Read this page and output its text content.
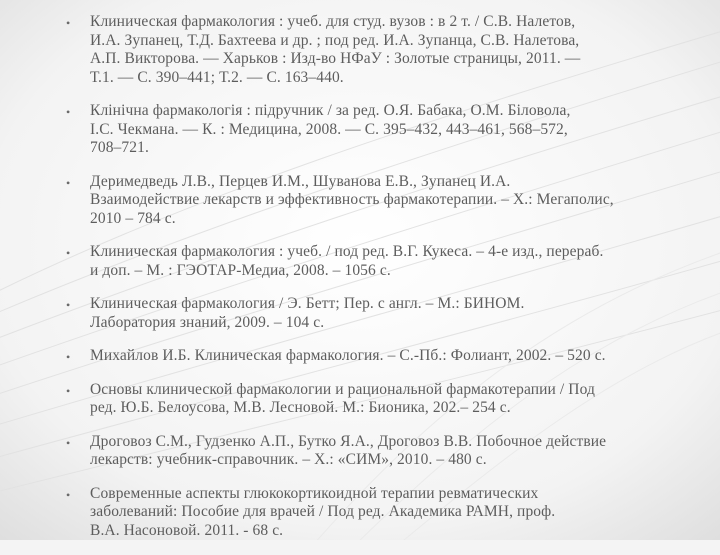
• Клиническая фармакология : учеб. для студ. вузов : в 2 т. / С.В. Налетов,
И.А. Зупанец, Т.Д. Бахтеева и др. ; под ред. И.А. Зупанца, С.В. Налетова,
А.П. Викторова. — Харьков : Изд-во НФаУ : Золотые страницы, 2011. —
Т.1. — С. 390–441; Т.2. — С. 163–440.
• Клінічна фармакологія : підручник / за ред. О.Я. Бабака, О.М. Біловола,
І.С. Чекмана. — К. : Медицина, 2008. — С. 395–432, 443–461, 568–572,
708–721.
• Деримедведь Л.В., Перцев И.М., Шуванова Е.В., Зупанец И.А.
Взаимодействие лекарств и эффективность фармакотерапии. – Х.: Мегаполис,
2010 – 784 с.
• Клиническая фармакология : учеб. / под ред. В.Г. Кукеса. – 4-е изд., перераб.
и доп. – М. : ГЭОТАР-Медиа, 2008. – 1056 с.
• Клиническая фармакология / Э. Бетт; Пер. с англ. – М.: БИНОМ.
Лаборатория знаний, 2009. – 104 с.
• Михайлов И.Б. Клиническая фармакология. – С.-Пб.: Фолиант, 2002. – 520 с.
• Основы клинической фармакологии и рациональной фармакотерапии / Под
ред. Ю.Б. Белоусова, М.В. Лесновой. М.: Бионика, 202.– 254 с.
• Дроговоз С.М., Гудзенко А.П., Бутко Я.А., Дроговоз В.В. Побочное действие
лекарств: учебник-справочник. – Х.: «СИМ», 2010. – 480 с.
• Современные аспекты глюкокортикоидной терапии ревматических
заболеваний: Пособие для врачей / Под ред. Академика РАМН, проф.
В.А. Насоновой. 2011. - 68 с.
